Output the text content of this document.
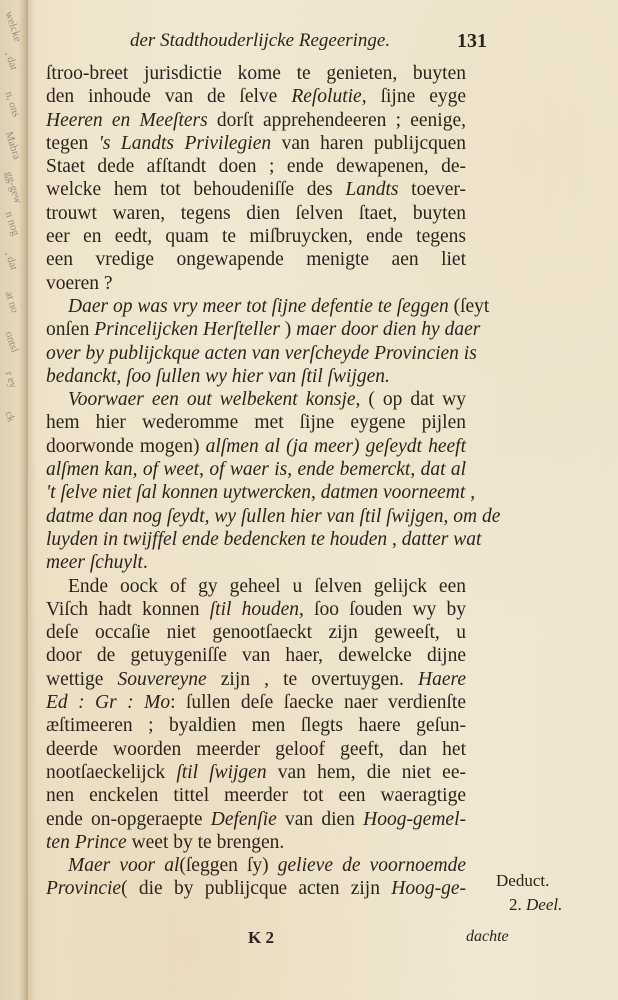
welcke
, dat
n, ons
Mabra
gg-gew
n nog
, dat
at no
ontsl
r ey
ck
der Stadthouderlijcke Regeeringe.	131
ſtroo-breet jurisdictie kome te genieten, buyten
den inhoude van de ſelve Reſolutie, ſijne eyge
Heeren en Meeſters dorſt apprehendeeren ; eenige,
tegen 's Landts Privilegien van haren publijcquen
Staet dede afſtandt doen ; ende dewapenen, de-
welcke hem tot behoudeniſſe des Landts toever-
trouwt waren, tegens dien ſelven ſtaet, buyten
eer en eedt, quam te miſbruycken, ende tegens
een vredige ongewapende menigte aen liet
voeren ?
Daer op was vry meer tot ſijne defentie te ſeggen (ſeyt
onſen Princelijcken Herſteller ) maer door dien hy daer
over by publijckque acten van verſcheyde Provincien is
bedanckt, ſoo ſullen wy hier van ſtil ſwijgen.
Voorwaer een out welbekent konsje, ( op dat wy
hem hier wederomme met ſijne eygene pijlen
doorwonde mogen) alſmen al (ja meer) geſeydt heeft
alſmen kan, of weet, of waer is, ende bemerckt, dat al
't ſelve niet ſal konnen uytwercken, datmen voorneemt ,
datme dan nog ſeydt, wy ſullen hier van ſtil ſwijgen, om de
luyden in twijffel ende bedencken te houden , datter wat
meer ſchuylt.
Ende oock of gy geheel u ſelven gelijck een
Viſch hadt konnen ſtil houden, ſoo ſouden wy by
deſe occaſie niet genootſaeckt zijn geweeſt, u
door de getuygeniſſe van haer, dewelcke dijne
wettige Souvereyne zijn , te overtuygen. Haere
Ed : Gr : Mo: ſullen deſe ſaecke naer verdienſte
æſtimeeren ; byaldien men ſlegts haere geſun-
deerde woorden meerder geloof geeft, dan het
nootſaeckelijck ſtil ſwijgen van hem, die niet ee-
nen enckelen tittel meerder tot een waeragtige
ende on-opgeraepte Defenſie van dien Hoog-gemel-
ten Prince weet by te brengen.
Maer voor al(ſeggen ſy) gelieve de voornoemde
Provincie( die by publijcque acten zijn Hoog-ge- Deduct.
2. Deel.
K 2	dachte
